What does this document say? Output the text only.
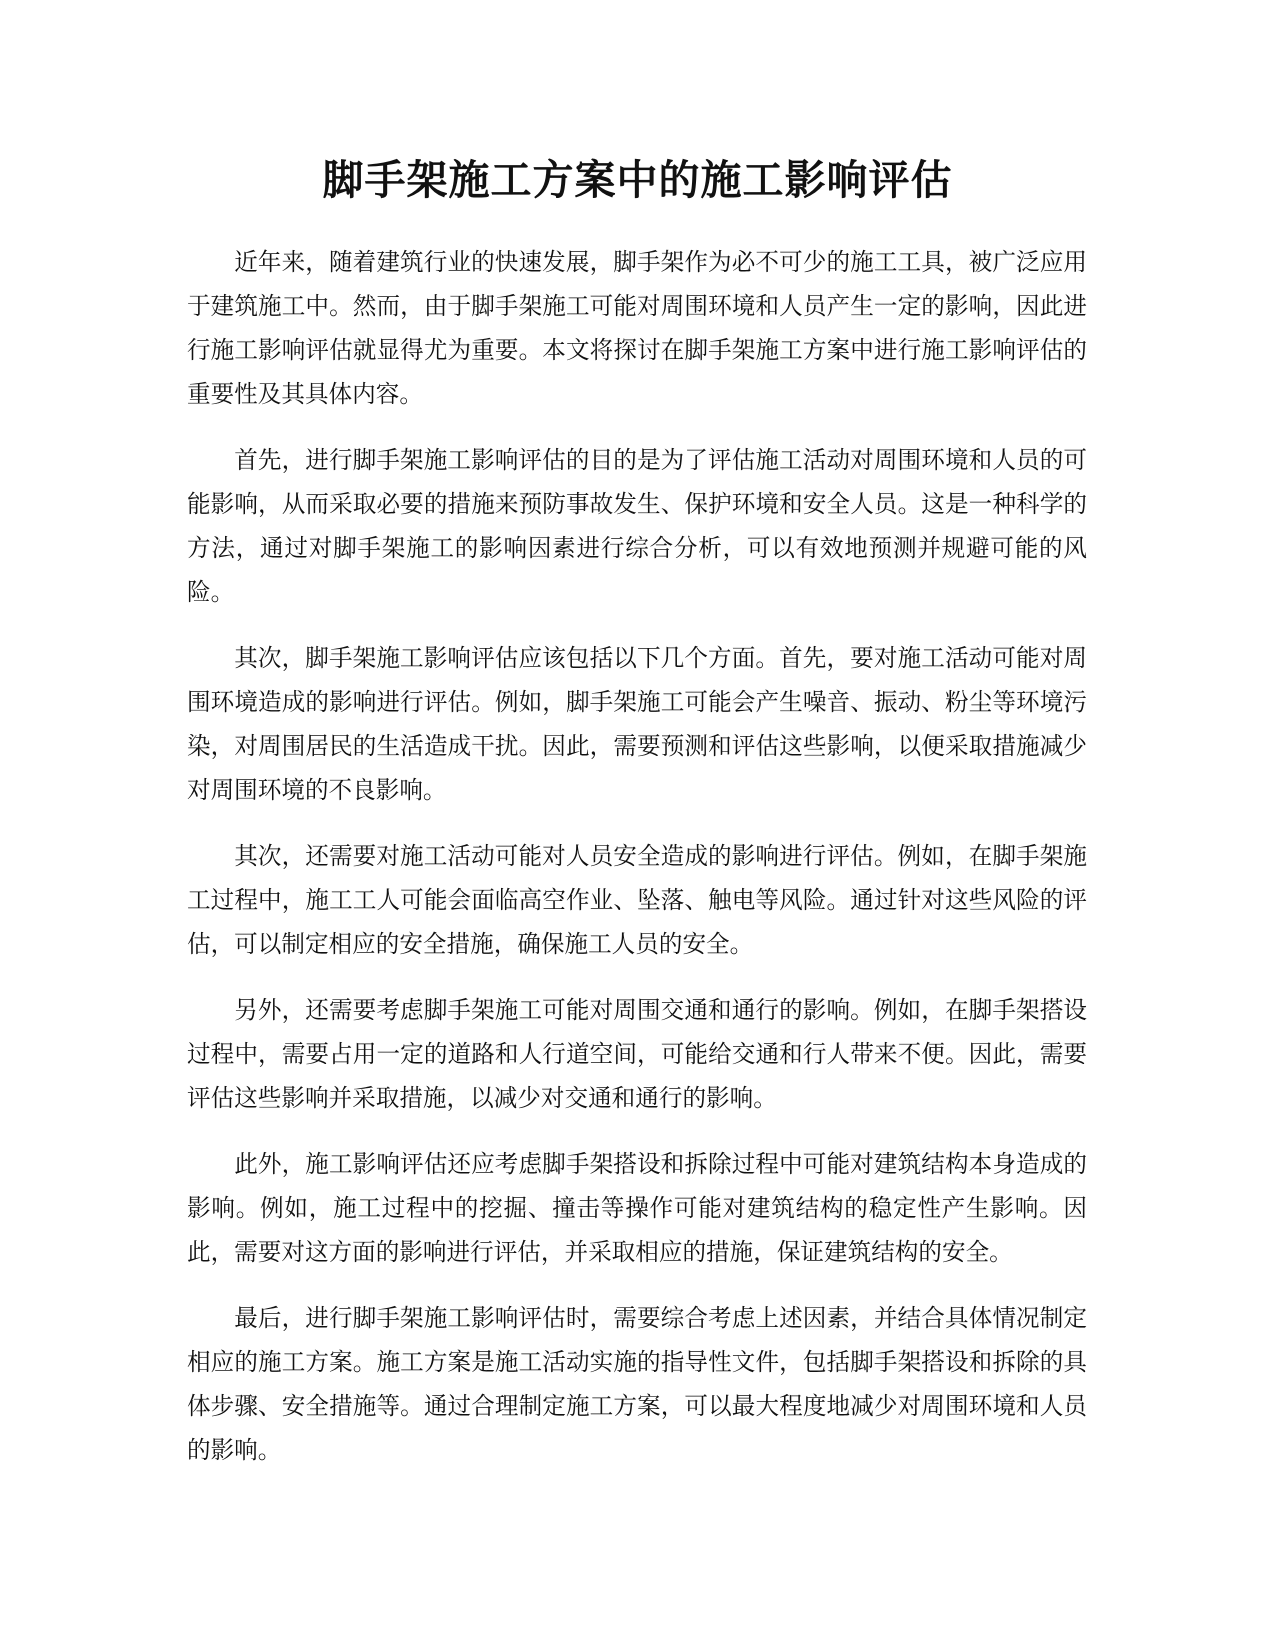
脚手架施工方案中的施工影响评估

近年来，随着建筑行业的快速发展，脚手架作为必不可少的施工工具，被广泛应用于建筑施工中。然而，由于脚手架施工可能对周围环境和人员产生一定的影响，因此进行施工影响评估就显得尤为重要。本文将探讨在脚手架施工方案中进行施工影响评估的重要性及其具体内容。

首先，进行脚手架施工影响评估的目的是为了评估施工活动对周围环境和人员的可能影响，从而采取必要的措施来预防事故发生、保护环境和安全人员。这是一种科学的方法，通过对脚手架施工的影响因素进行综合分析，可以有效地预测并规避可能的风险。

其次，脚手架施工影响评估应该包括以下几个方面。首先，要对施工活动可能对周围环境造成的影响进行评估。例如，脚手架施工可能会产生噪音、振动、粉尘等环境污染，对周围居民的生活造成干扰。因此，需要预测和评估这些影响，以便采取措施减少对周围环境的不良影响。

其次，还需要对施工活动可能对人员安全造成的影响进行评估。例如，在脚手架施工过程中，施工工人可能会面临高空作业、坠落、触电等风险。通过针对这些风险的评估，可以制定相应的安全措施，确保施工人员的安全。

另外，还需要考虑脚手架施工可能对周围交通和通行的影响。例如，在脚手架搭设过程中，需要占用一定的道路和人行道空间，可能给交通和行人带来不便。因此，需要评估这些影响并采取措施，以减少对交通和通行的影响。

此外，施工影响评估还应考虑脚手架搭设和拆除过程中可能对建筑结构本身造成的影响。例如，施工过程中的挖掘、撞击等操作可能对建筑结构的稳定性产生影响。因此，需要对这方面的影响进行评估，并采取相应的措施，保证建筑结构的安全。

最后，进行脚手架施工影响评估时，需要综合考虑上述因素，并结合具体情况制定相应的施工方案。施工方案是施工活动实施的指导性文件，包括脚手架搭设和拆除的具体步骤、安全措施等。通过合理制定施工方案，可以最大程度地减少对周围环境和人员的影响。
